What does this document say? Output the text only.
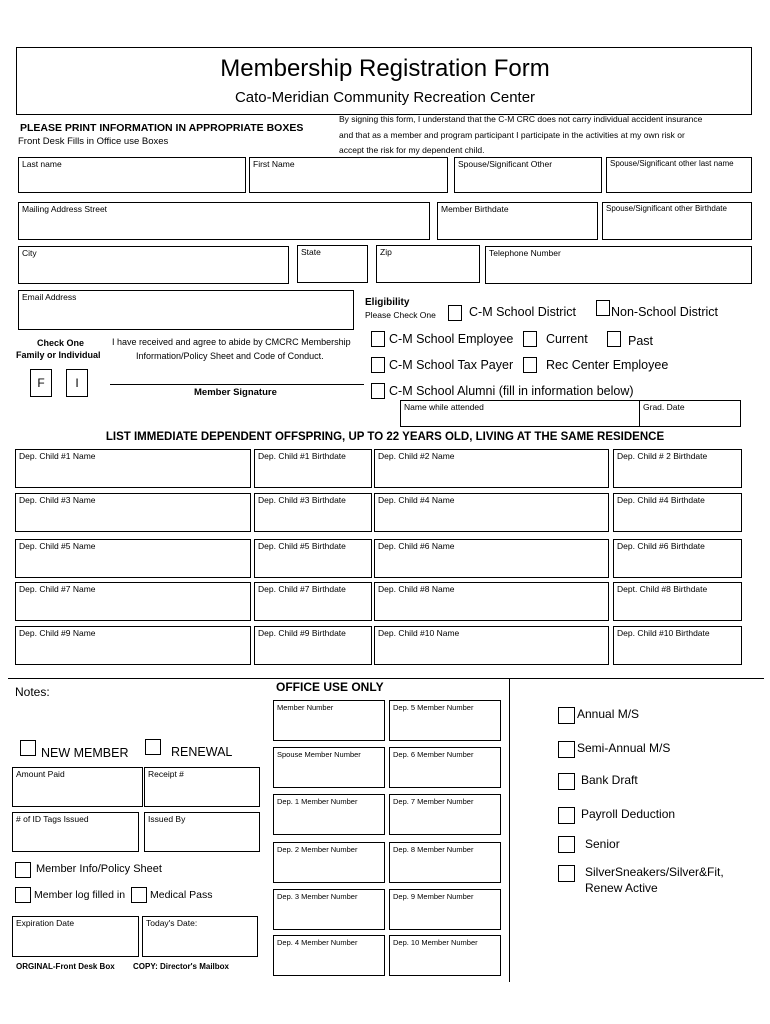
Membership Registration Form
Cato-Meridian Community Recreation Center
PLEASE PRINT INFORMATION IN APPROPRIATE BOXES
Front Desk Fills in Office use Boxes
By signing this form, I understand that the C-M CRC does not carry individual accident insurance
and that as a member and program participant I participate in the activities at my own risk or
accept the risk for my dependent child.
Last name	First Name	Spouse/Significant Other	Spouse/Significant other last name
Mailing Address Street	Member Birthdate	Spouse/Significant other Birthdate
City	State	Zip	Telephone Number
Email Address	Eligibility
Please Check One	C-M School District	Non-School District
C-M School Employee	Current	Past
C-M School Tax Payer	Rec Center Employee
C-M School Alumni (fill in information below)
Name while attended	Grad. Date
Check One
Family or Individual
F	I
I have received and agree to abide by CMCRC Membership
Information/Policy Sheet and Code of Conduct.
Member Signature
LIST IMMEDIATE DEPENDENT OFFSPRING, UP TO 22 YEARS OLD, LIVING AT THE SAME RESIDENCE
Dep. Child #1 Name	Dep. Child #1 Birthdate	Dep. Child #2 Name	Dep. Child # 2 Birthdate
Dep. Child #3 Name	Dep. Child #3 Birthdate	Dep. Child #4 Name	Dep. Child #4 Birthdate
Dep. Child #5 Name	Dep. Child #5 Birthdate	Dep. Child #6 Name	Dep. Child #6 Birthdate
Dep. Child #7 Name	Dep. Child #7 Birthdate	Dep. Child #8 Name	Dept. Child #8 Birthdate
Dep. Child #9 Name	Dep. Child #9 Birthdate	Dep. Child #10 Name	Dep. Child #10 Birthdate
Notes:
NEW MEMBER	RENEWAL
Amount Paid	Receipt #
# of ID Tags Issued	Issued By
Member Info/Policy Sheet
Member log filled in Medical Pass
Expiration Date	Today's Date:
ORGINAL-Front Desk Box COPY: Director's Mailbox
OFFICE USE ONLY
Member Number	Dep. 5 Member Number
Spouse Member Number	Dep. 6 Member Number
Dep. 1 Member Number	Dep. 7 Member Number
Dep. 2 Member Number	Dep. 8 Member Number
Dep. 3 Member Number	Dep. 9 Member Number
Dep. 4 Member Number	Dep. 10 Member Number
Annual M/S
Semi-Annual M/S
Bank Draft
Payroll Deduction
Senior
SilverSneakers/Silver&Fit,
Renew Active
